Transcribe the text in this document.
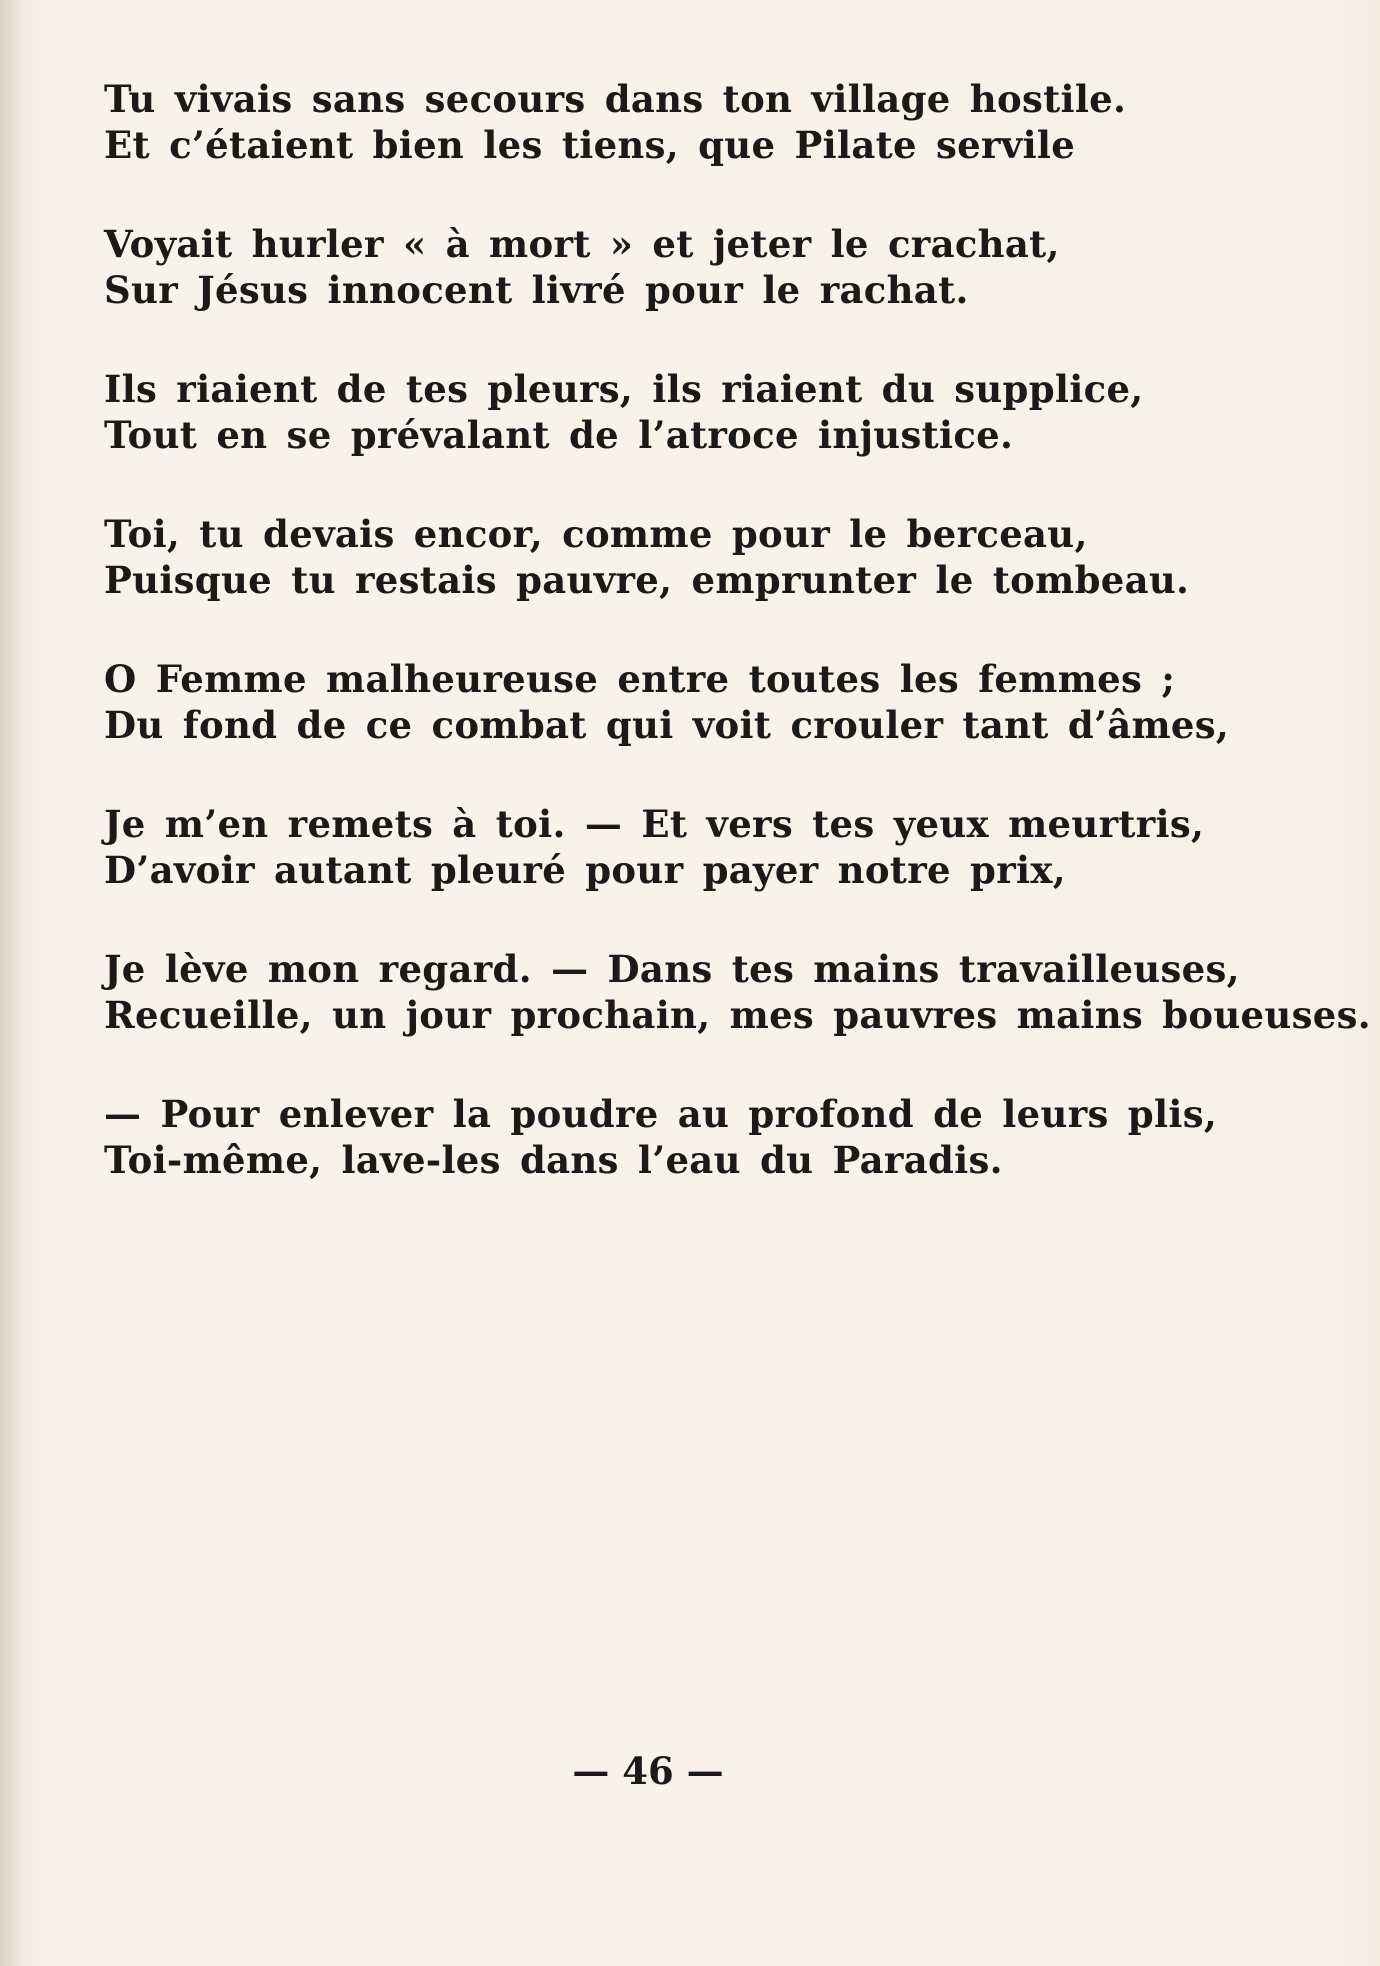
Tu vivais sans secours dans ton village hostile.
Et c’étaient bien les tiens, que Pilate servile
Voyait hurler « à mort » et jeter le crachat,
Sur Jésus innocent livré pour le rachat.
Ils riaient de tes pleurs, ils riaient du supplice,
Tout en se prévalant de l’atroce injustice.
Toi, tu devais encor, comme pour le berceau,
Puisque tu restais pauvre, emprunter le tombeau.
O Femme malheureuse entre toutes les femmes ;
Du fond de ce combat qui voit crouler tant d’âmes,
Je m’en remets à toi. — Et vers tes yeux meurtris,
D’avoir autant pleuré pour payer notre prix,
Je lève mon regard. — Dans tes mains travailleuses,
Recueille, un jour prochain, mes pauvres mains boueuses.
— Pour enlever la poudre au profond de leurs plis,
Toi-même, lave-les dans l’eau du Paradis.
— 46 —
